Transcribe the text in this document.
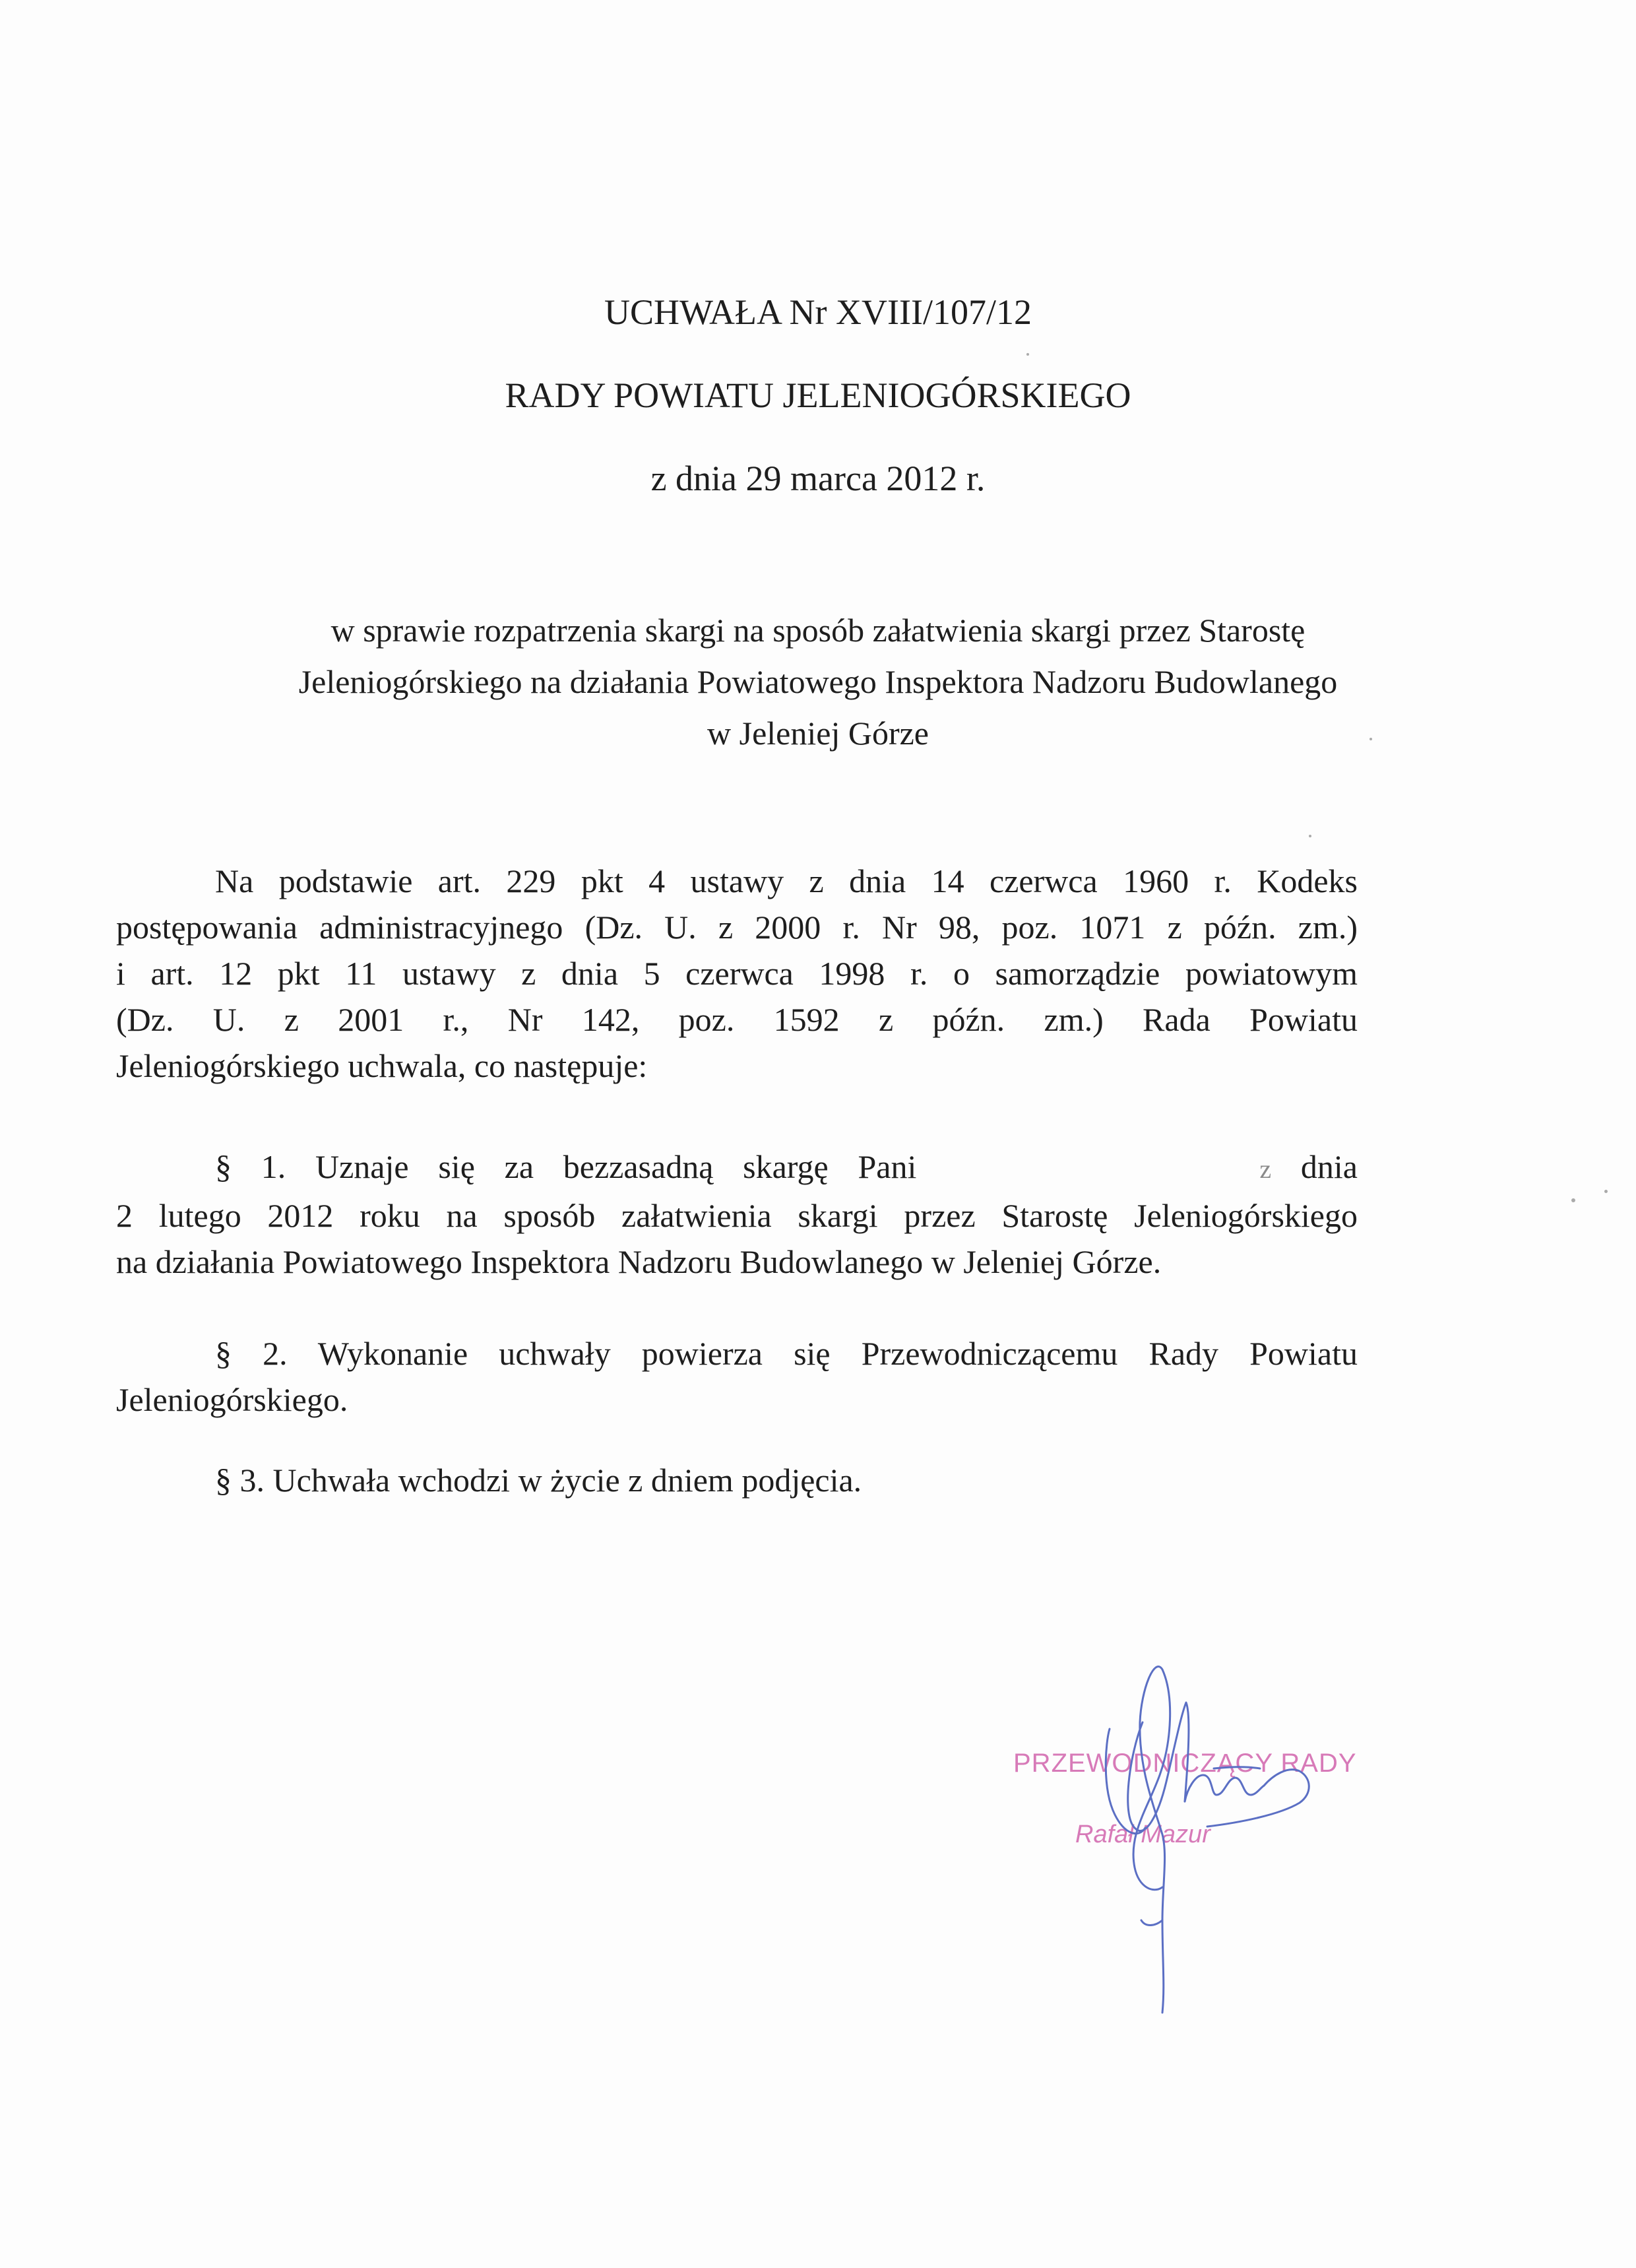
UCHWAŁA Nr XVIII/107/12
RADY POWIATU JELENIOGÓRSKIEGO
z dnia 29 marca 2012 r.
w sprawie rozpatrzenia skargi na sposób załatwienia skargi przez Starostę
Jeleniogórskiego na działania Powiatowego Inspektora Nadzoru Budowlanego
w Jeleniej Górze
Na podstawie art. 229 pkt 4 ustawy z dnia 14 czerwca 1960 r. Kodeks
postępowania administracyjnego (Dz. U. z 2000 r. Nr 98, poz. 1071 z późn. zm.)
i art. 12 pkt 11 ustawy z dnia 5 czerwca 1998 r. o samorządzie powiatowym
(Dz. U. z 2001 r., Nr 142, poz. 1592 z późn. zm.) Rada Powiatu
Jeleniogórskiego uchwala, co następuje:
§ 1. Uznaje się za bezzasadną skargę Pani	z dnia
2 lutego 2012 roku na sposób załatwienia skargi przez Starostę Jeleniogórskiego
na działania Powiatowego Inspektora Nadzoru Budowlanego w Jeleniej Górze.
§ 2. Wykonanie uchwały powierza się Przewodniczącemu Rady Powiatu
Jeleniogórskiego.
§ 3. Uchwała wchodzi w życie z dniem podjęcia.
PRZEWODNICZĄCY RADY
Rafał Mazur
